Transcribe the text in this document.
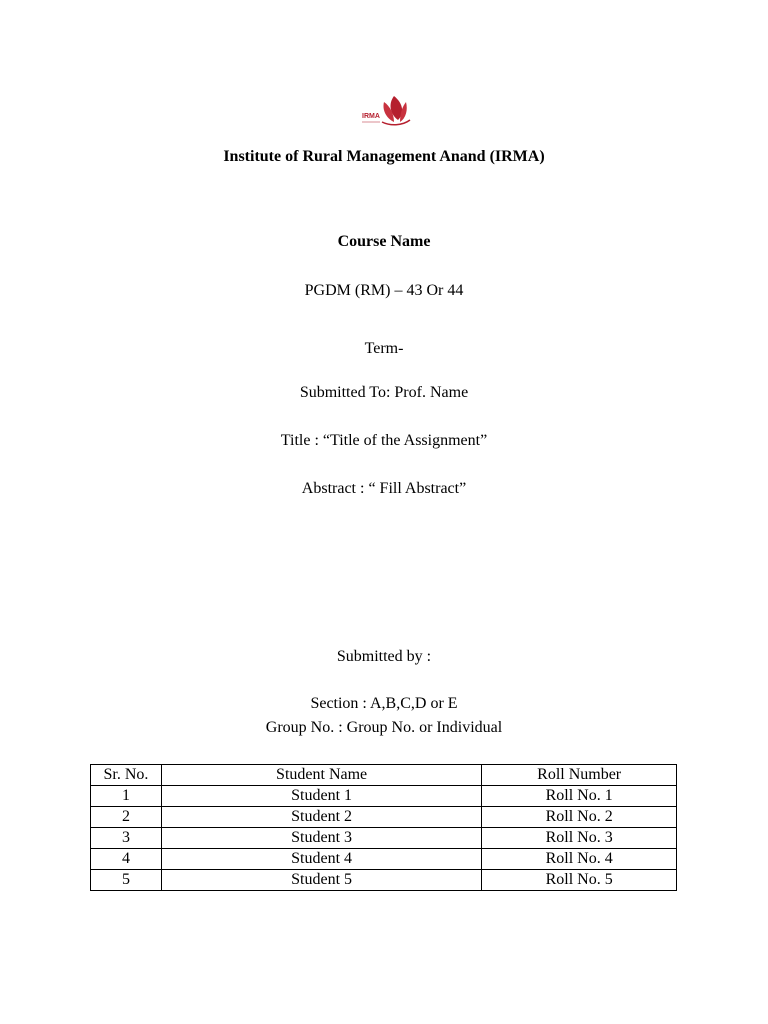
IRMA
Institute of Rural Management Anand (IRMA)
Course Name
PGDM (RM) – 43 Or 44
Term-
Submitted To: Prof. Name
Title : “Title of the Assignment”
Abstract : “ Fill Abstract”
Submitted by :
Section : A,B,C,D or E
Group No. : Group No. or Individual
Sr. No.	Student Name	Roll Number
1	Student 1	Roll No. 1
2	Student 2	Roll No. 2
3	Student 3	Roll No. 3
4	Student 4	Roll No. 4
5	Student 5	Roll No. 5
